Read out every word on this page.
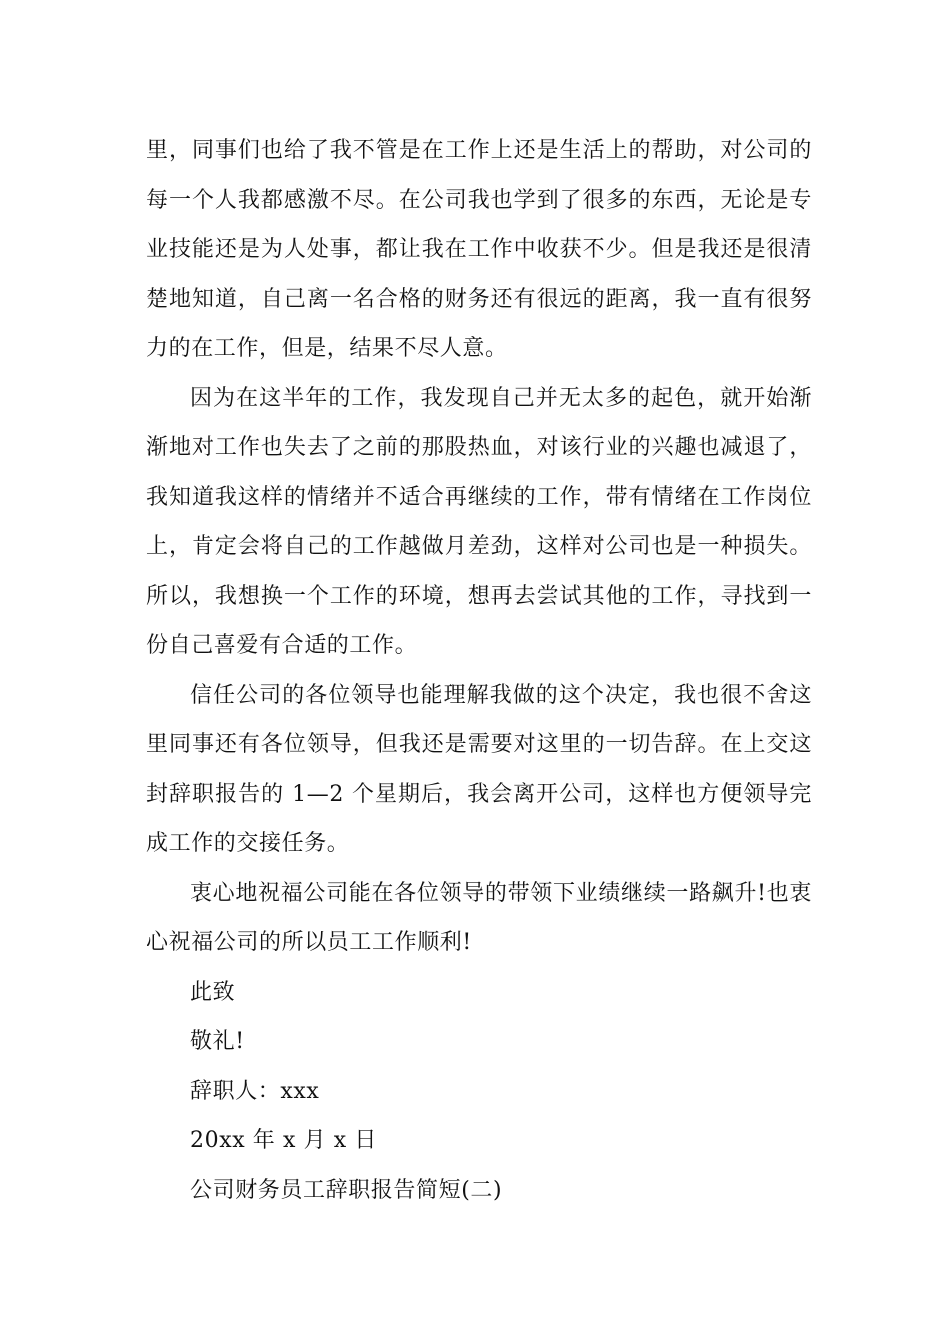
里，同事们也给了我不管是在工作上还是生活上的帮助，对公司的每一个人我都感激不尽。在公司我也学到了很多的东西，无论是专业技能还是为人处事，都让我在工作中收获不少。但是我还是很清楚地知道，自己离一名合格的财务还有很远的距离，我一直有很努力的在工作，但是，结果不尽人意。

因为在这半年的工作，我发现自己并无太多的起色，就开始渐渐地对工作也失去了之前的那股热血，对该行业的兴趣也减退了，我知道我这样的情绪并不适合再继续的工作，带有情绪在工作岗位上，肯定会将自己的工作越做月差劲，这样对公司也是一种损失。所以，我想换一个工作的环境，想再去尝试其他的工作，寻找到一份自己喜爱有合适的工作。

信任公司的各位领导也能理解我做的这个决定，我也很不舍这里同事还有各位领导，但我还是需要对这里的一切告辞。在上交这封辞职报告的 1—2 个星期后，我会离开公司，这样也方便领导完成工作的交接任务。

衷心地祝福公司能在各位领导的带领下业绩继续一路飙升!也衷心祝福公司的所以员工工作顺利!

此致

敬礼!

辞职人：xxx

20xx 年 x 月 x 日

公司财务员工辞职报告简短(二)
